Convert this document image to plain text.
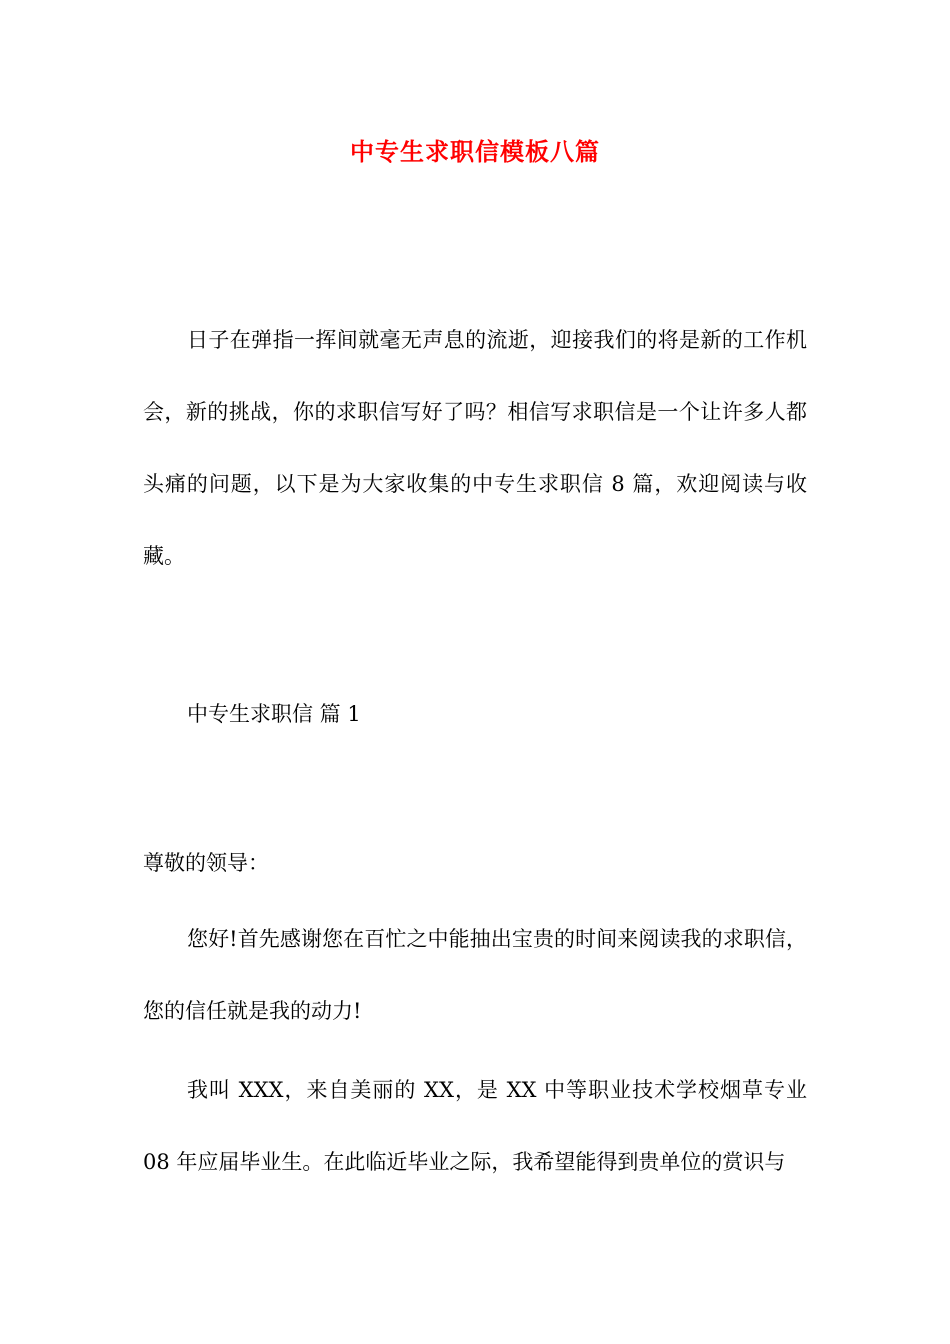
中专生求职信模板八篇

日子在弹指一挥间就毫无声息的流逝，迎接我们的将是新的工作机会，新的挑战，你的求职信写好了吗？相信写求职信是一个让许多人都头痛的问题，以下是为大家收集的中专生求职信 8 篇，欢迎阅读与收藏。

中专生求职信 篇 1

尊敬的领导：

您好!首先感谢您在百忙之中能抽出宝贵的时间来阅读我的求职信，您的信任就是我的动力!

我叫 XXX，来自美丽的 XX，是 XX 中等职业技术学校烟草专业 08 年应届毕业生。在此临近毕业之际，我希望能得到贵单位的赏识与
